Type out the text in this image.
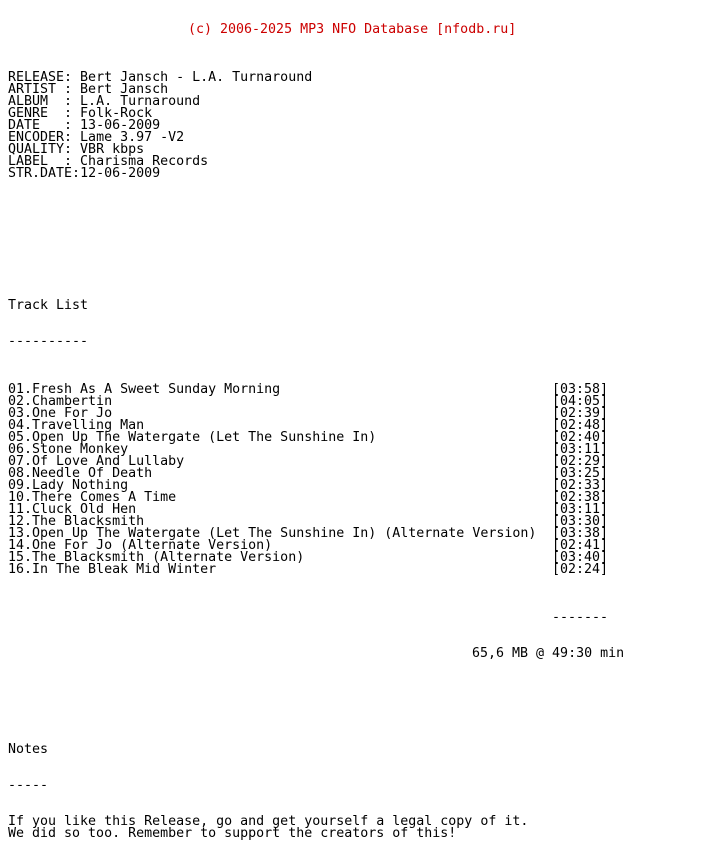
(c) 2006-2025 MP3 NFO Database [nfodb.ru]

RELEASE: Bert Jansch - L.A. Turnaround
ARTIST : Bert Jansch
ALBUM  : L.A. Turnaround
GENRE  : Folk-Rock
DATE   : 13-06-2009
ENCODER: Lame 3.97 -V2
QUALITY: VBR kbps
LABEL  : Charisma Records
STR.DATE:12-06-2009

Track List

----------

01.Fresh As A Sweet Sunday Morning	[03:58]
02.Chambertin	[04:05]
03.One For Jo	[02:39]
04.Travelling Man	[02:48]
05.Open Up The Watergate (Let The Sunshine In)	[02:40]
06.Stone Monkey	[03:11]
07.Of Love And Lullaby	[02:29]
08.Needle Of Death	[03:25]
09.Lady Nothing	[02:33]
10.There Comes A Time	[02:38]
11.Cluck Old Hen	[03:11]
12.The Blacksmith	[03:30]
13.Open Up The Watergate (Let The Sunshine In) (Alternate Version) [03:38]
14.One For Jo (Alternate Version)	[02:41]
15.The Blacksmith (Alternate Version)	[03:40]
16.In The Bleak Mid Winter	[02:24]

-------

65,6 MB @ 49:30 min

Notes

-----

If you like this Release, go and get yourself a legal copy of it.
We did so too. Remember to support the creators of this!
